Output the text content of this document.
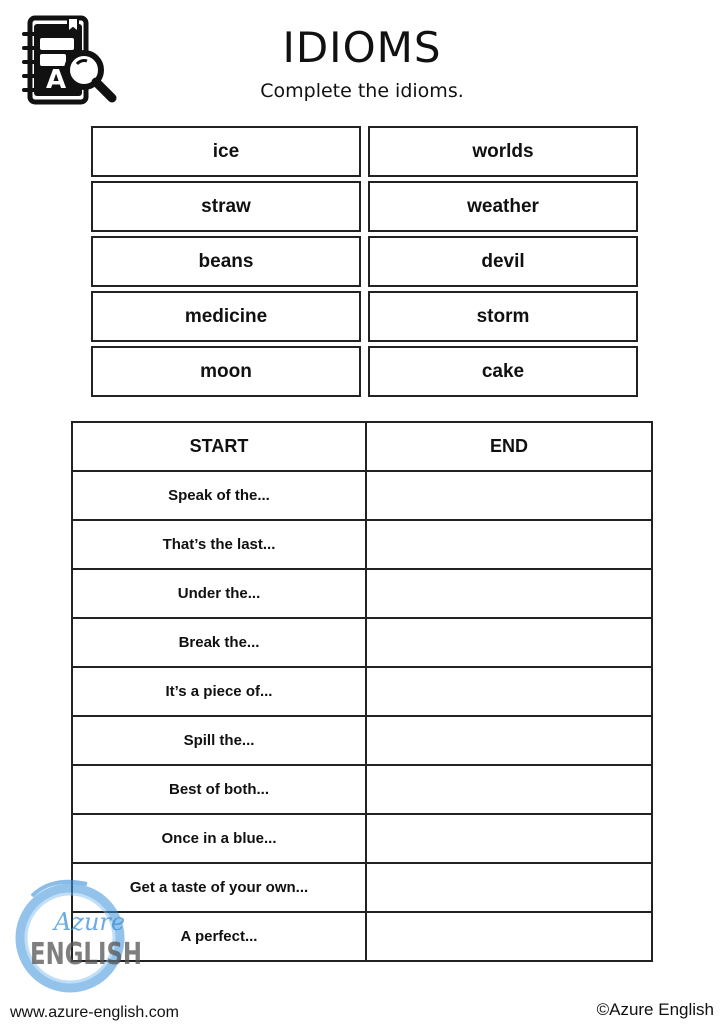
A
IDIOMS
Complete the idioms.
ice	worlds
straw	weather
beans	devil
medicine	storm
moon	cake
START	END
Speak of the...	
That’s the last...	
Under the...	
Break the...	
It’s a piece of...	
Spill the...	
Best of both...	
Once in a blue...	
Get a taste of your own...	
A perfect...	
Azure
ENGLISH
www.azure-english.com	©Azure English
